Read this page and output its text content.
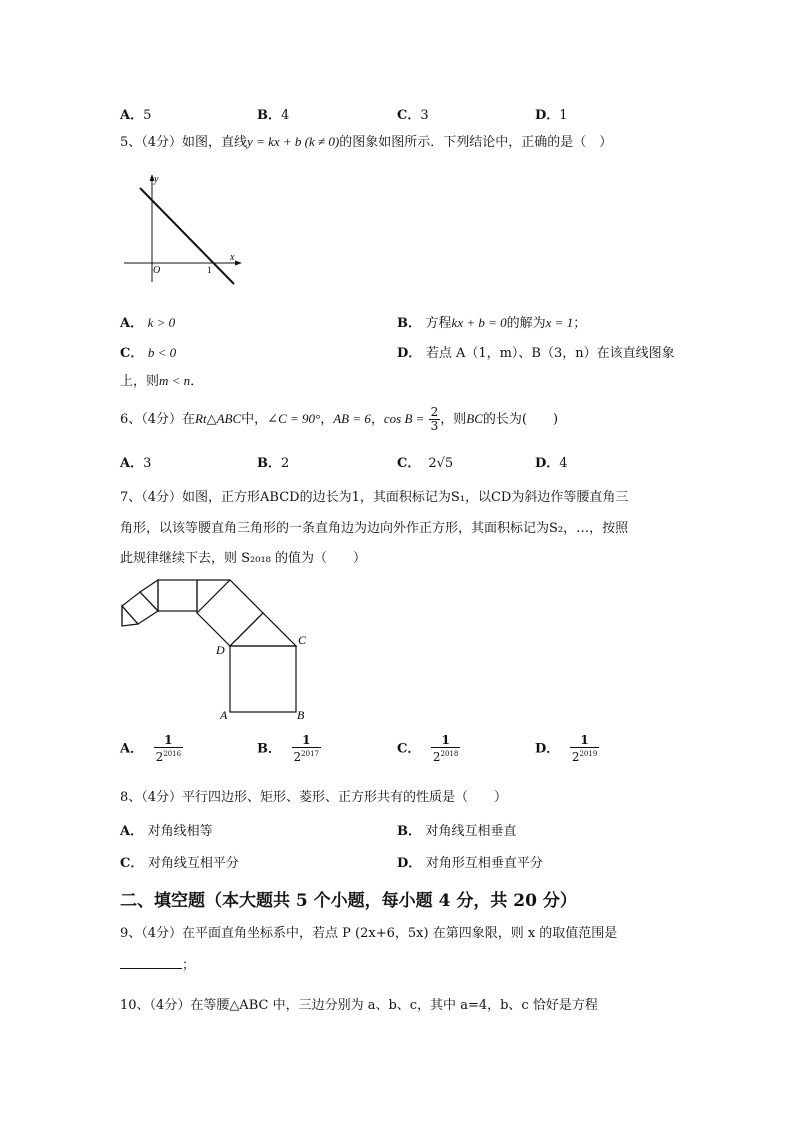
A．5	B．4	C．3	D．1
5、（4分）如图，直线y = kx + b (k ≠ 0)的图象如图所示．下列结论中，正确的是（　）
y
x
O	1
A． k > 0	B． 方程kx + b = 0的解为x = 1；
C． b < 0	D． 若点 A（1，m）、B（3，n）在该直线图象
上，则m < n．
6、（4分）在Rt△ABC中，∠C = 90°，AB = 6，$\cos B = \frac{2}{3}$ ，则BC的长为(　　)
A．3	B．2	C． 2√5	D．4
7、（4分）如图，正方形ABCD的边长为1，其面积标记为S₁，以CD为斜边作等腰直角三
角形，以该等腰直角三角形的一条直角边为边向外作正方形，其面积标记为S₂，…，按照
此规律继续下去，则 S₂₀₁₈ 的值为（　　）
D
C
A	B
A． $\frac{1}{2^{2016}}$	B． $\frac{1}{2^{2017}}$	C． $\frac{1}{2^{2018}}$	D． $\frac{1}{2^{2019}}$
8、（4分）平行四边形、矩形、菱形、正方形共有的性质是（　　）
A． 对角线相等	B． 对角线互相垂直
C． 对角线互相平分	D． 对角形互相垂直平分
二、填空题（本大题共 5 个小题，每小题 4 分，共 20 分）
9、（4分）在平面直角坐标系中，若点 P (2x+6，5x) 在第四象限，则 x 的取值范围是
；
10、（4分）在等腰△ABC 中，三边分别为 a、b、c，其中 a=4，b、c 恰好是方程
